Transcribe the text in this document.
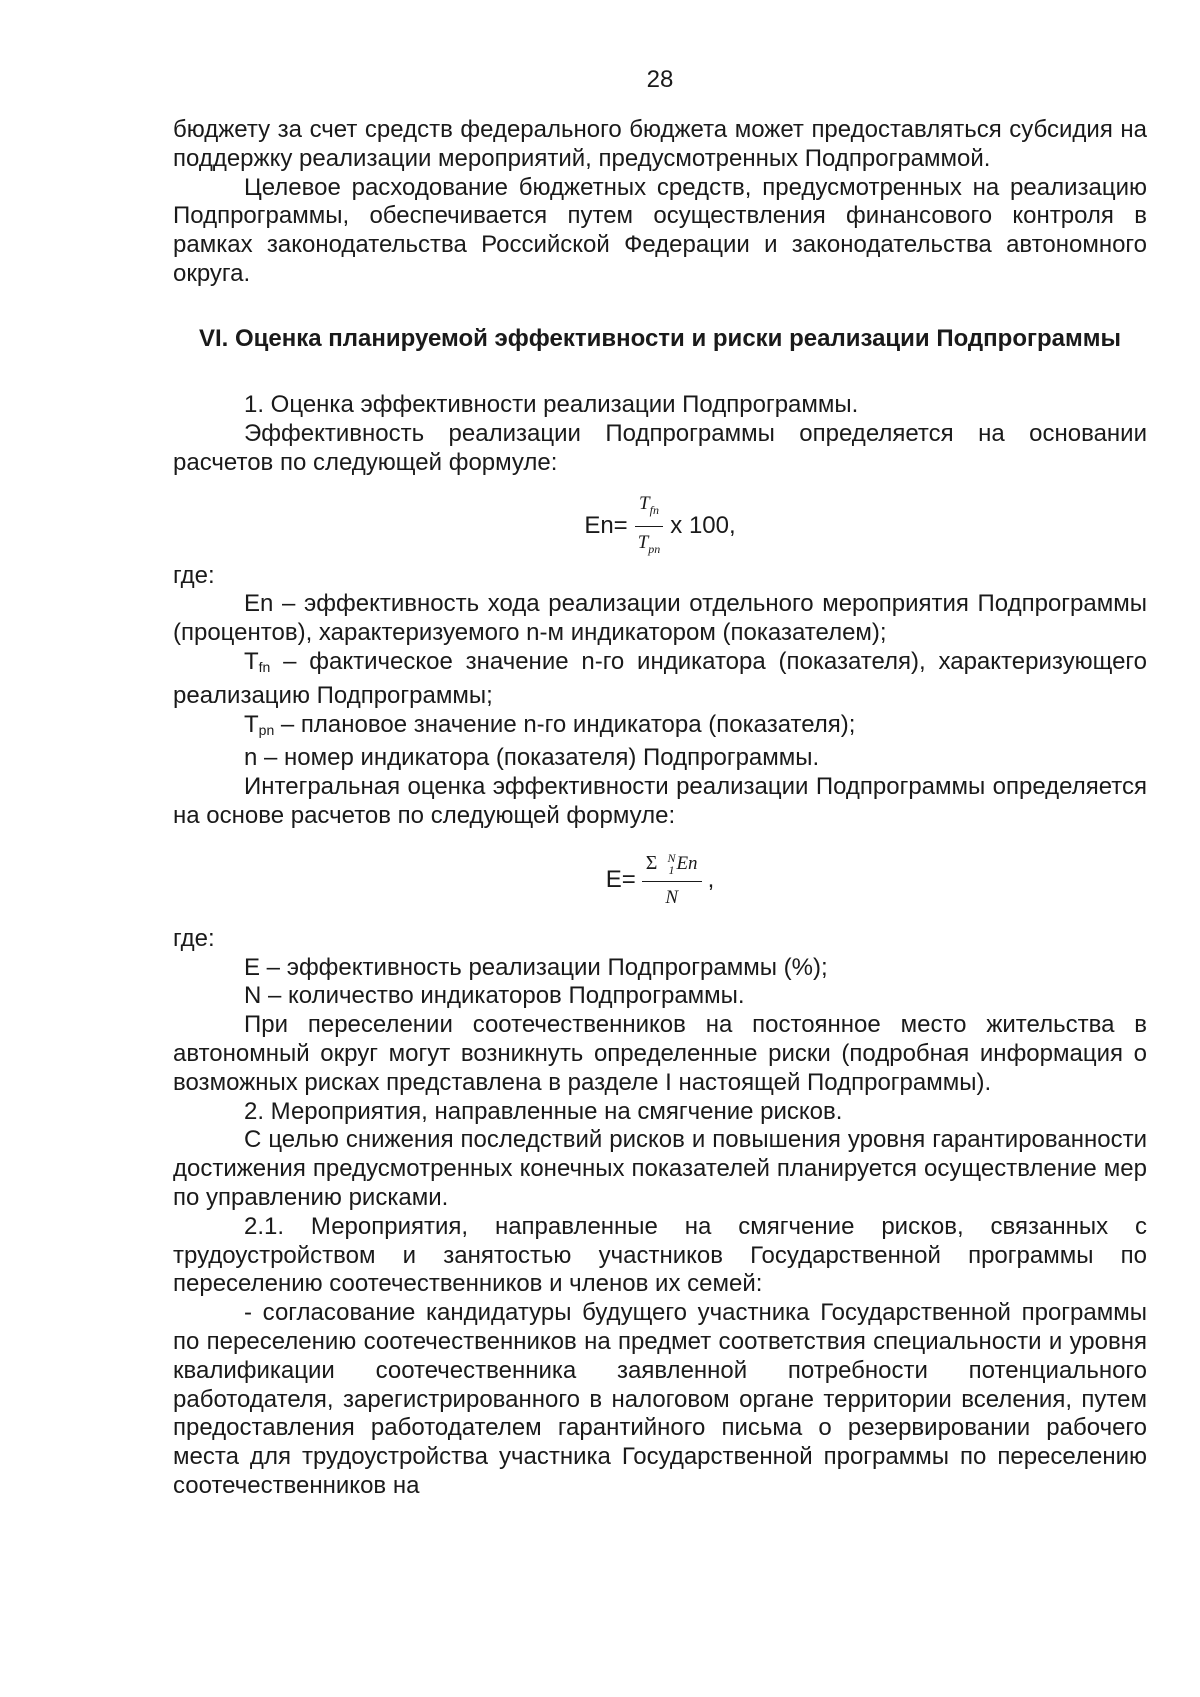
28

бюджету за счет средств федерального бюджета может предоставляться субсидия на поддержку реализации мероприятий, предусмотренных Подпрограммой.

Целевое расходование бюджетных средств, предусмотренных на реализацию Подпрограммы, обеспечивается путем осуществления финансового контроля в рамках законодательства Российской Федерации и законодательства автономного округа.

VI. Оценка планируемой эффективности и риски реализации Подпрограммы

1. Оценка эффективности реализации Подпрограммы.

Эффективность реализации Подпрограммы определяется на основании расчетов по следующей формуле:

$En= \frac{T_{fn}}{T_{pn}}$ x 100,

где:

En – эффективность хода реализации отдельного мероприятия Подпрограммы (процентов), характеризуемого n-м индикатором (показателем);

Tfn – фактическое значение n-го индикатора (показателя), характеризующего реализацию Подпрограммы;

Tpn – плановое значение n-го индикатора (показателя);

n – номер индикатора (показателя) Подпрограммы.

Интегральная оценка эффективности реализации Подпрограммы определяется на основе расчетов по следующей формуле:

E= Σ N
1 En
N ,

где:

E – эффективность реализации Подпрограммы (%);

N – количество индикаторов Подпрограммы.

При переселении соотечественников на постоянное место жительства в автономный округ могут возникнуть определенные риски (подробная информация о возможных рисках представлена в разделе I настоящей Подпрограммы).

2. Мероприятия, направленные на смягчение рисков.

С целью снижения последствий рисков и повышения уровня гарантированности достижения предусмотренных конечных показателей планируется осуществление мер по управлению рисками.

2.1. Мероприятия, направленные на смягчение рисков, связанных с трудоустройством и занятостью участников Государственной программы по переселению соотечественников и членов их семей:

- согласование кандидатуры будущего участника Государственной программы по переселению соотечественников на предмет соответствия специальности и уровня квалификации соотечественника заявленной потребности потенциального работодателя, зарегистрированного в налоговом органе территории вселения, путем предоставления работодателем гарантийного письма о резервировании рабочего места для трудоустройства участника Государственной программы по переселению соотечественников на
